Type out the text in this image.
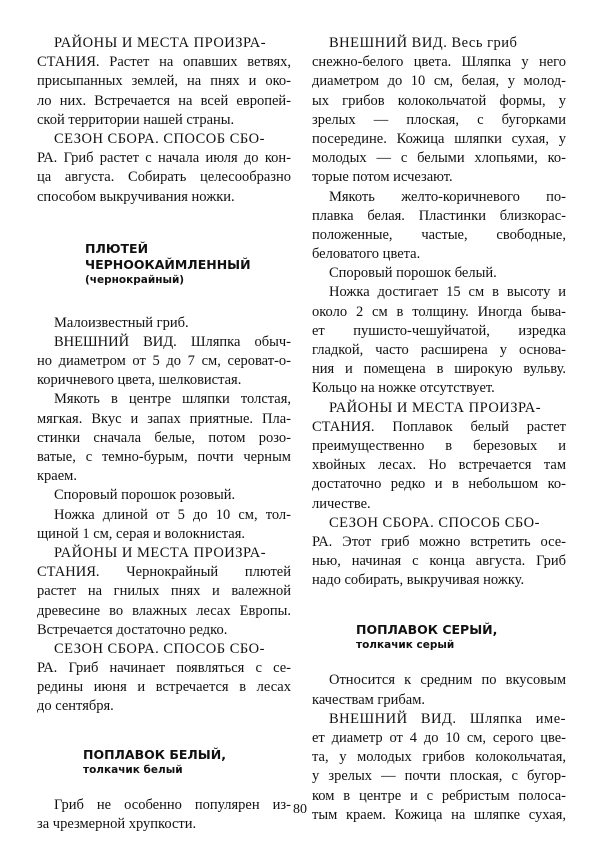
РАЙОНЫ И МЕСТА ПРОИЗРА-
СТАНИЯ. Растет на опавших ветвях,
присыпанных землей, на пнях и око-
ло них. Встречается на всей европей-
ской территории нашей страны.
СЕЗОН СБОРА. СПОСОБ СБО-
РА. Гриб растет с начала июля до кон-
ца августа. Собирать целесообразно
способом выкручивания ножки.
ПЛЮТЕЙ
ЧЕРНООКАЙМЛЕННЫЙ
(чернокрайный)
Малоизвестный гриб.
ВНЕШНИЙ ВИД. Шляпка обыч-
но диаметром от 5 до 7 см, сероват-о-
коричневого цвета, шелковистая.
Мякоть в центре шляпки толстая,
мягкая. Вкус и запах приятные. Пла-
стинки сначала белые, потом розо-
ватые, с темно-бурым, почти черным
краем.
Споровый порошок розовый.
Ножка длиной от 5 до 10 см, тол-
щиной 1 см, серая и волокнистая.
РАЙОНЫ И МЕСТА ПРОИЗРА-
СТАНИЯ. Чернокрайный плютей
растет на гнилых пнях и валежной
древесине во влажных лесах Европы.
Встречается достаточно редко.
СЕЗОН СБОРА. СПОСОБ СБО-
РА. Гриб начинает появляться с се-
редины июня и встречается в лесах
до сентября.
ПОПЛАВОК БЕЛЫЙ,
толкачик белый
Гриб не особенно популярен из-
за чрезмерной хрупкости.
ВНЕШНИЙ ВИД. Весь гриб
снежно-белого цвета. Шляпка у него
диаметром до 10 см, белая, у молод-
ых грибов колокольчатой формы, у
зрелых — плоская, с бугорками
посередине. Кожица шляпки сухая, у
молодых — с белыми хлопьями, ко-
торые потом исчезают.
Мякоть желто-коричневого по-
плавка белая. Пластинки близкорас-
положенные, частые, свободные,
беловатого цвета.
Споровый порошок белый.
Ножка достигает 15 см в высоту и
около 2 см в толщину. Иногда быва-
ет пушисто-чешуйчатой, изредка
гладкой, часто расширена у основа-
ния и помещена в широкую вульву.
Кольцо на ножке отсутствует.
РАЙОНЫ И МЕСТА ПРОИЗРА-
СТАНИЯ. Поплавок белый растет
преимущественно в березовых и
хвойных лесах. Но встречается там
достаточно редко и в небольшом ко-
личестве.
СЕЗОН СБОРА. СПОСОБ СБО-
РА. Этот гриб можно встретить осе-
нью, начиная с конца августа. Гриб
надо собирать, выкручивая ножку.
ПОПЛАВОК СЕРЫЙ,
толкачик серый
Относится к средним по вкусовым
качествам грибам.
ВНЕШНИЙ ВИД. Шляпка име-
ет диаметр от 4 до 10 см, серого цве-
та, у молодых грибов колокольчатая,
у зрелых — почти плоская, с бугор-
ком в центре и с ребристым полоса-
тым краем. Кожица на шляпке сухая,
80
